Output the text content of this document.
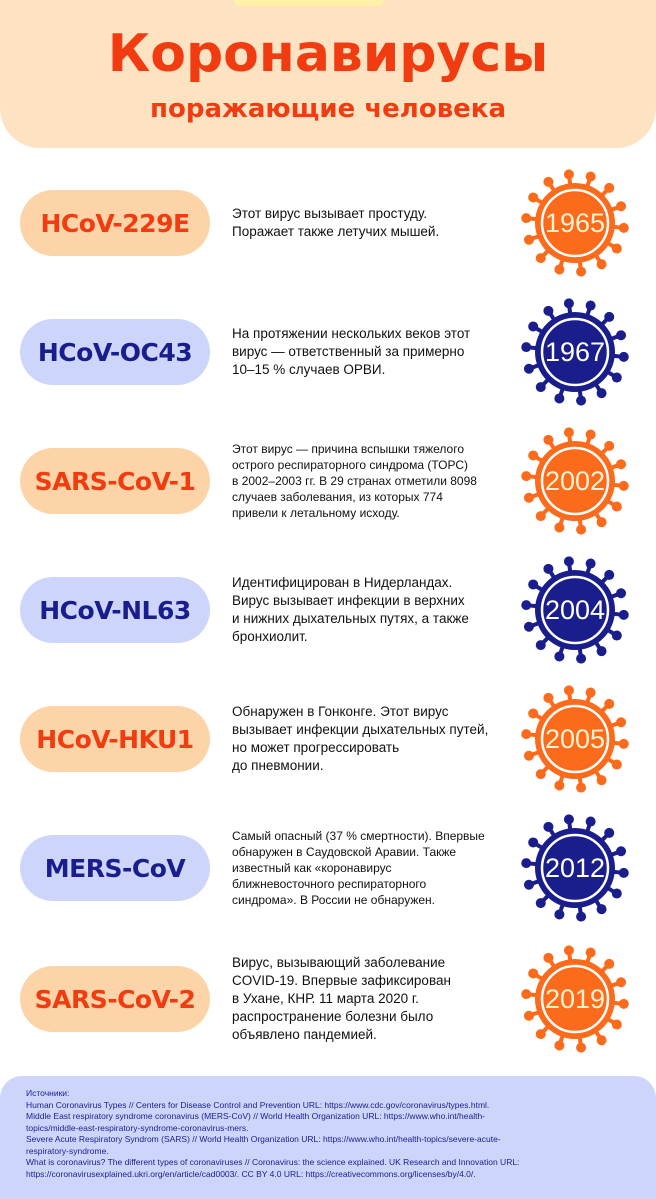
Коронавирусы
поражающие человека
HCoV-229E	Этот вирус вызывает простуду.
Поражает также летучих мышей.	1965
HCoV-OC43
На протяжении нескольких веков этот
вирус — ответственный за примерно
10–15 % случаев ОРВИ.
1967
SARS-CoV-1
Этот вирус — причина вспышки тяжелого
острого респираторного синдрома (ТОРС)
в 2002–2003 гг. В 29 странах отметили 8098
случаев заболевания, из которых 774
привели к летальному исходу.
2002
HCoV-NL63
Идентифицирован в Нидерландах.
Вирус вызывает инфекции в верхних
и нижних дыхательных путях, а также
бронхиолит.
2004
HCoV-HKU1
Обнаружен в Гонконге. Этот вирус
вызывает инфекции дыхательных путей,
но может прогрессировать
до пневмонии.
2005
MERS-CoV
Самый опасный (37 % смертности). Впервые
обнаружен в Саудовской Аравии. Также
известный как «коронавирус
ближневосточного респираторного
синдрома». В России не обнаружен.
2012
SARS-CoV-2
Вирус, вызывающий заболевание
COVID-19. Впервые зафиксирован
в Ухане, КНР. 11 марта 2020 г.
распространение болезни было
объявлено пандемией.
2019
Источники:
Human Coronavirus Types // Centers for Disease Control and Prevention URL: https://www.cdc.gov/coronavirus/types.html.
Middle East respiratory syndrome coronavirus (MERS-CoV) // World Health Organization URL: https://www.who.int/health-
topics/middle-east-respiratory-syndrome-coronavirus-mers.
Severe Acute Respiratory Syndrom (SARS) // World Health Organization URL: https://www.who.int/health-topics/severe-acute-
respiratory-syndrome.
What is coronavirus? The different types of coronaviruses // Coronavirus: the science explained. UK Research and Innovation URL:
https://coronavirusexplained.ukri.org/en/article/cad0003/. CC BY 4.0 URL: https://creativecommons.org/licenses/by/4.0/.
